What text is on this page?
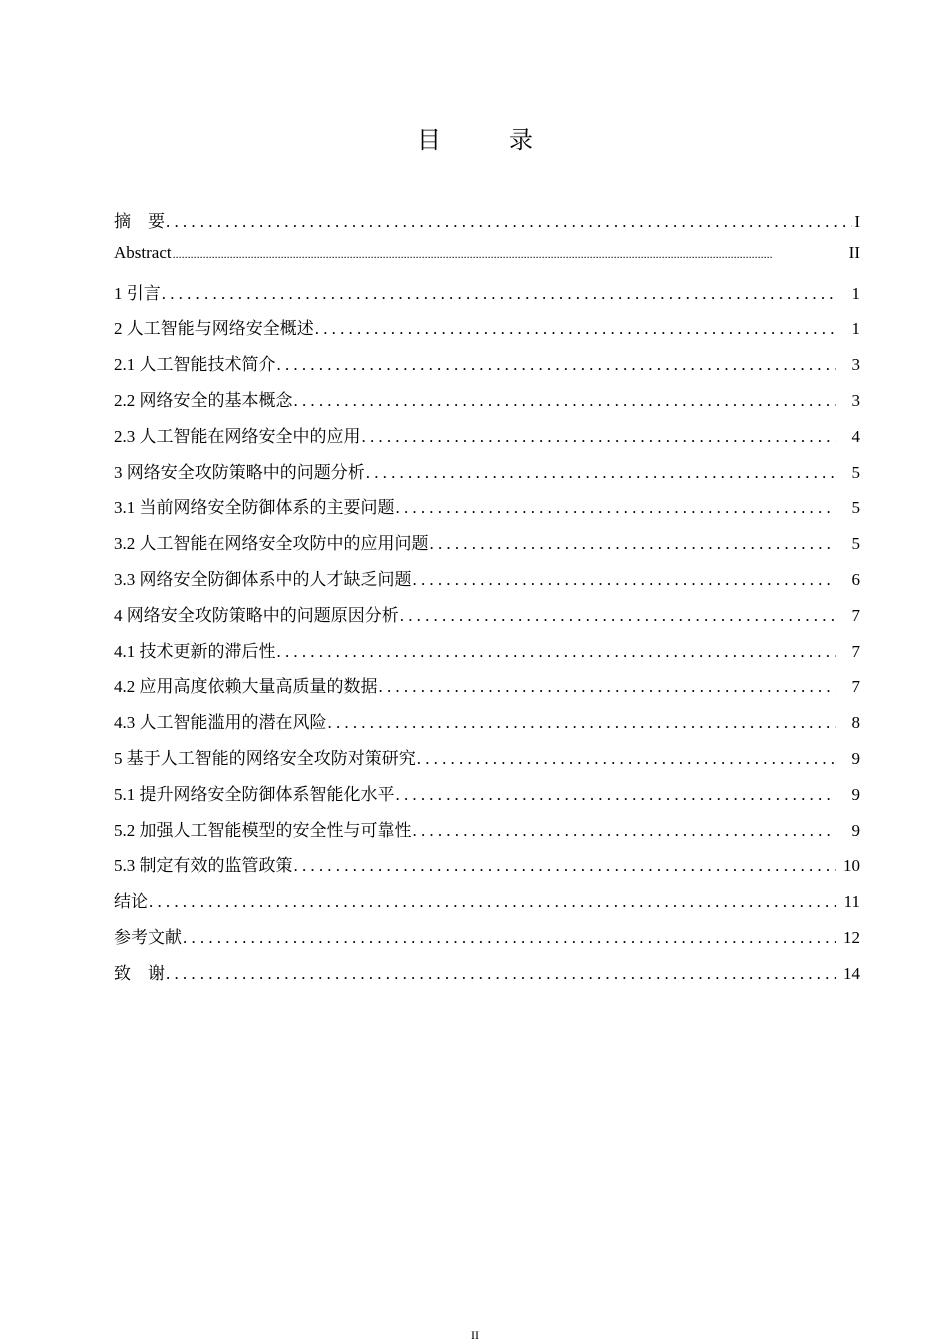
目　录
摘　要 .....	I
Abstract .....	II
1 引言 .....	1
2 人工智能与网络安全概述 .....	1
2.1 人工智能技术简介 .....	3
2.2 网络安全的基本概念 .....	3
2.3 人工智能在网络安全中的应用 .....	4
3 网络安全攻防策略中的问题分析 .....	5
3.1 当前网络安全防御体系的主要问题 .....	5
3.2 人工智能在网络安全攻防中的应用问题 .....	5
3.3 网络安全防御体系中的人才缺乏问题 .....	6
4 网络安全攻防策略中的问题原因分析 .....	7
4.1 技术更新的滞后性 .....	7
4.2 应用高度依赖大量高质量的数据 .....	7
4.3 人工智能滥用的潜在风险 .....	8
5 基于人工智能的网络安全攻防对策研究 .....	9
5.1 提升网络安全防御体系智能化水平 .....	9
5.2 加强人工智能模型的安全性与可靠性 .....	9
5.3 制定有效的监管政策 .....	10
结论 .....	11
参考文献 .....	12
致　谢 .....	14
II
